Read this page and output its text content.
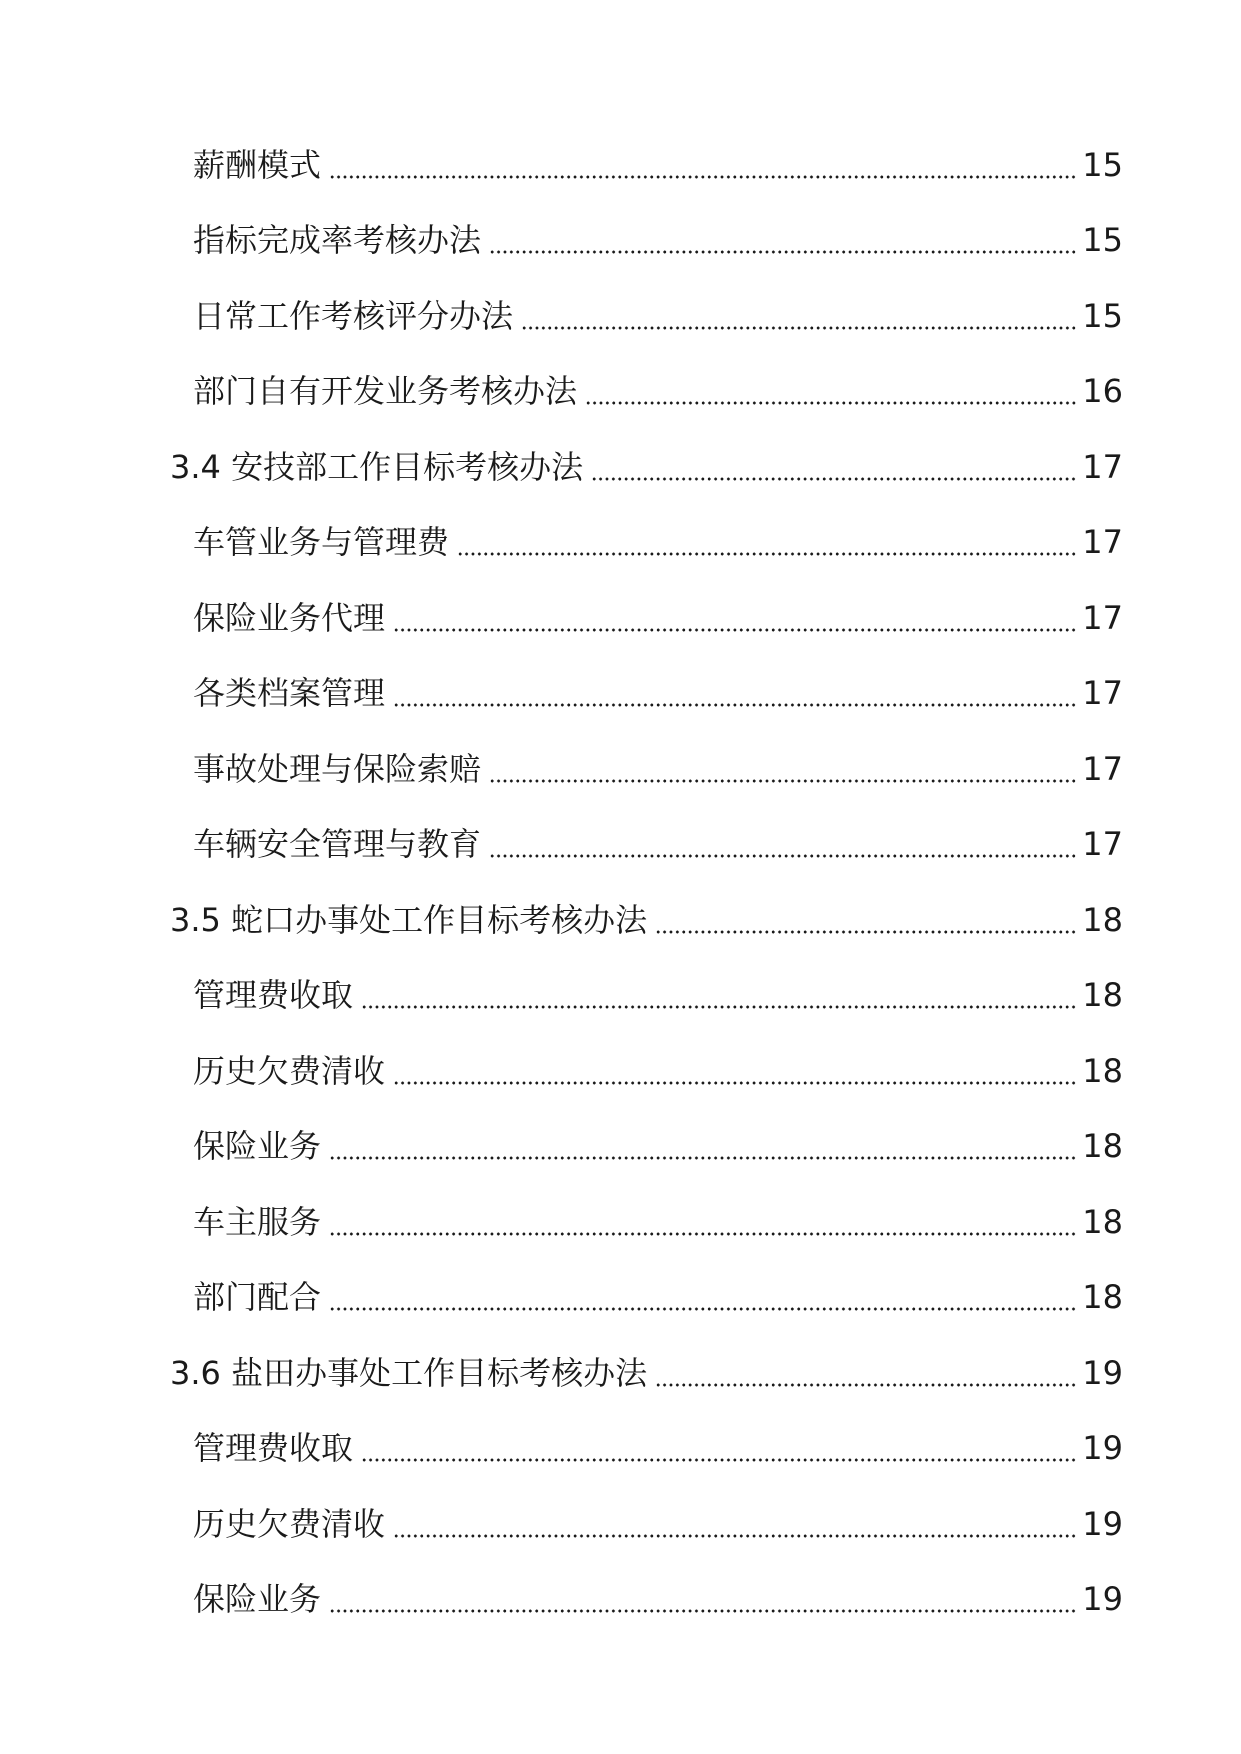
薪酬模式	15
指标完成率考核办法	15
日常工作考核评分办法	15
部门自有开发业务考核办法	16
3.4 安技部工作目标考核办法	17
车管业务与管理费	17
保险业务代理	17
各类档案管理	17
事故处理与保险索赔	17
车辆安全管理与教育	17
3.5 蛇口办事处工作目标考核办法	18
管理费收取	18
历史欠费清收	18
保险业务	18
车主服务	18
部门配合	18
3.6 盐田办事处工作目标考核办法	19
管理费收取	19
历史欠费清收	19
保险业务	19
